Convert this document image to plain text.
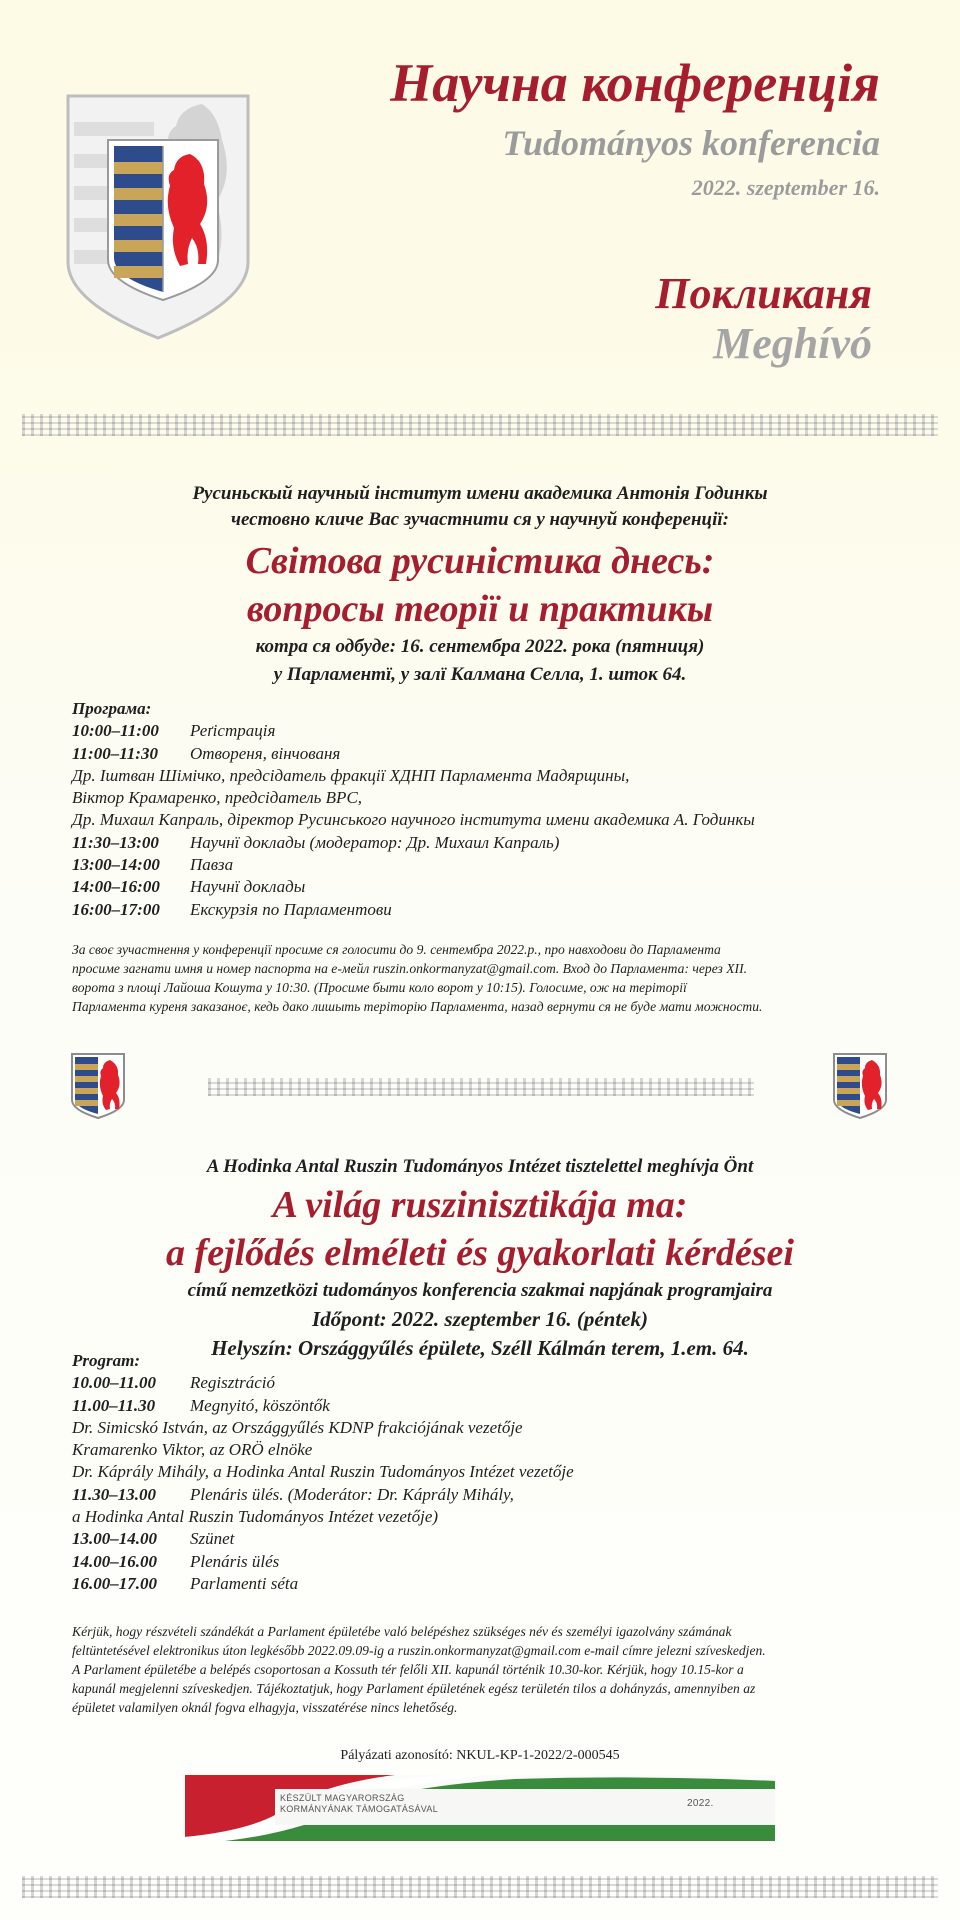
Научна конференція
Tudományos konferencia
2022. szeptember 16.
Покликаня
Meghívó
Русиньскый научный інститут имени академика Антонія Годинкы
честовно кличе Вас зучастнити ся у научнуй конференції:
Світова русиністика днесь:
вопросы теорії и практикы
котра ся одбуде: 16. сентембра 2022. рока (пятниця)
у Парламентї, у залї Калмана Селла, 1. шток 64.
Програма:
10:00–11:00 Реґістрація
11:00–11:30 Отвореня, вінчованя
Др. Іштван Шімічко, предсідатель фракції ХДНП Парламента Мадярщины,
Віктор Крамаренко, предсідатель ВРС,
Др. Михаил Капраль, діректор Русинського научного інститута имени академика А. Годинкы
11:30–13:00 Научнї доклады (модератор: Др. Михаил Капраль)
13:00–14:00 Павза
14:00–16:00 Научнї доклады
16:00–17:00 Екскурзія по Парламентови
За своє зучастнення у конференції просиме ся голосити до 9. сентембра 2022.р., про навходови до Парламента
просиме загнати имня и номер паспорта на е-мейл ruszin.onkormanyzat@gmail.com. Вход до Парламента: через XII.
ворота з площі Лайоша Кошута у 10:30. (Просиме быти коло ворот у 10:15). Голосиме, ож на теріторії
Парламента куреня заказаноє, кедь дако лишыть теріторію Парламента, назад вернути ся не буде мати можности.
A Hodinka Antal Ruszin Tudományos Intézet tisztelettel meghívja Önt
A világ ruszinisztikája ma:
a fejlődés elméleti és gyakorlati kérdései
című nemzetközi tudományos konferencia szakmai napjának programjaira
Időpont: 2022. szeptember 16. (péntek)
Helyszín: Országgyűlés épülete, Széll Kálmán terem, 1.em. 64.
Program:
10.00–11.00 Regisztráció
11.00–11.30 Megnyitó, köszöntők
Dr. Simicskó István, az Országgyűlés KDNP frakciójának vezetője
Kramarenko Viktor, az ORÖ elnöke
Dr. Káprály Mihály, a Hodinka Antal Ruszin Tudományos Intézet vezetője
11.30–13.00 Plenáris ülés. (Moderátor: Dr. Káprály Mihály,
a Hodinka Antal Ruszin Tudományos Intézet vezetője)
13.00–14.00 Szünet
14.00–16.00 Plenáris ülés
16.00–17.00 Parlamenti séta
Kérjük, hogy részvételi szándékát a Parlament épületébe való belépéshez szükséges név és személyi igazolvány számának
feltüntetésével elektronikus úton legkésőbb 2022.09.09-ig a ruszin.onkormanyzat@gmail.com e-mail címre jelezni szíveskedjen.
A Parlament épületébe a belépés csoportosan a Kossuth tér felőli XII. kapunál történik 10.30-kor. Kérjük, hogy 10.15-kor a
kapunál megjelenni szíveskedjen. Tájékoztatjuk, hogy Parlament épületének egész területén tilos a dohányzás, amennyiben az
épületet valamilyen oknál fogva elhagyja, visszatérése nincs lehetőség.
Pályázati azonosító: NKUL-KP-1-2022/2-000545
KÉSZÜLT MAGYARORSZÁG
KORMÁNYÁNAK TÁMOGATÁSÁVAL	2022.
